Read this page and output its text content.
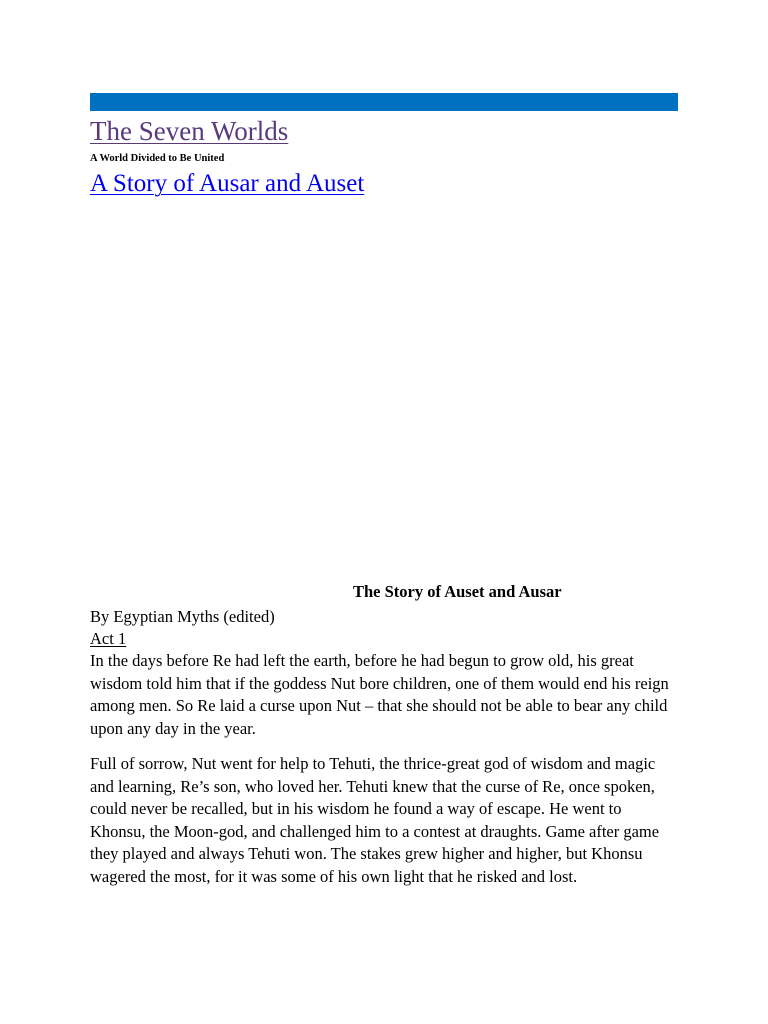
The Seven Worlds
A World Divided to Be United
A Story of Ausar and Auset
The Story of Auset and Ausar
By Egyptian Myths (edited)
Act 1

In the days before Re had left the earth, before he had begun to grow old, his great wisdom told him that if the goddess Nut bore children, one of them would end his reign among men. So Re laid a curse upon Nut – that she should not be able to bear any child upon any day in the year.

Full of sorrow, Nut went for help to Tehuti, the thrice-great god of wisdom and magic and learning, Re’s son, who loved her. Tehuti knew that the curse of Re, once spoken, could never be recalled, but in his wisdom he found a way of escape. He went to Khonsu, the Moon-god, and challenged him to a contest at draughts. Game after game they played and always Tehuti won. The stakes grew higher and higher, but Khonsu wagered the most, for it was some of his own light that he risked and lost.
